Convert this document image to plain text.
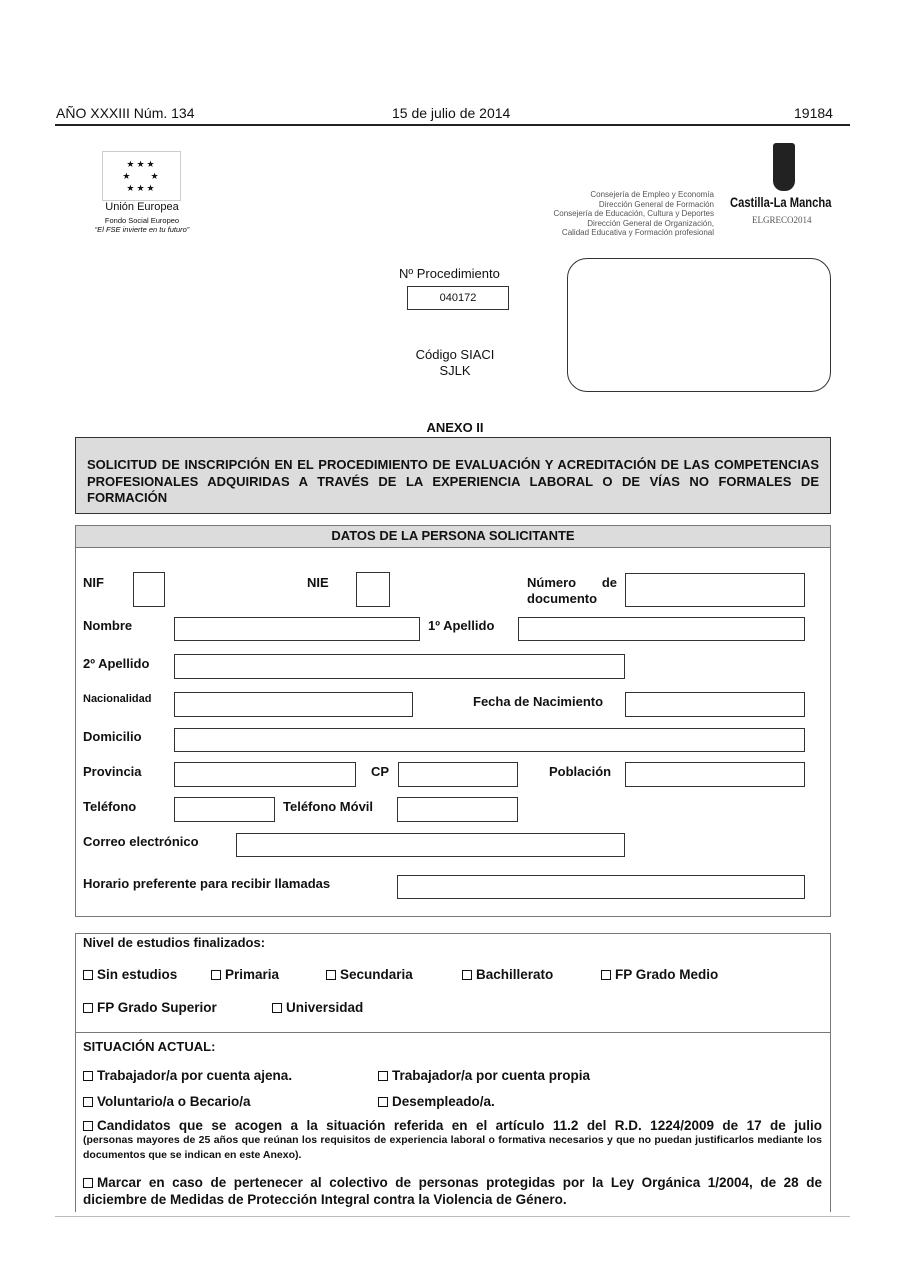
AÑO XXXIII Núm. 134	15 de julio de 2014	19184
★★★
★    ★
★★★
Unión Europea
Fondo Social Europeo
“El FSE invierte en tu futuro”
Consejería de Empleo y Economía
Dirección General de Formación
Consejería de Educación, Cultura y Deportes
Dirección General de Organización,
Calidad Educativa y Formación profesional
Castilla-La Mancha
ELGRECO2014
Nº Procedimiento
040172
Código SIACI
SJLK
ANEXO II
SOLICITUD DE INSCRIPCIÓN EN EL PROCEDIMIENTO DE EVALUACIÓN Y ACREDITACIÓN DE LAS COMPETENCIAS PROFESIONALES ADQUIRIDAS A TRAVÉS DE LA EXPERIENCIA LABORAL O DE VÍAS NO FORMALES DE FORMACIÓN
DATOS DE LA PERSONA SOLICITANTE
NIF	NIE	Número de documento
Nombre	1º Apellido
2º Apellido
Nacionalidad	Fecha de Nacimiento
Domicilio
Provincia	CP	Población
Teléfono	Teléfono Móvil
Correo electrónico
Horario preferente para recibir llamadas
Nivel de estudios finalizados:
Sin estudios	Primaria	Secundaria	Bachillerato	FP Grado Medio
FP Grado Superior	Universidad
SITUACIÓN ACTUAL:
Trabajador/a por cuenta ajena.	Trabajador/a por cuenta propia
Voluntario/a o Becario/a	Desempleado/a.
Candidatos que se acogen a la situación referida en el artículo 11.2 del R.D. 1224/2009 de 17 de julio
(personas mayores de 25 años que reúnan los requisitos de experiencia laboral o formativa necesarios y que no puedan justificarlos mediante los documentos que se indican en este Anexo).
Marcar en caso de pertenecer al colectivo de personas protegidas por la Ley Orgánica 1/2004, de 28 de diciembre de Medidas de Protección Integral contra la Violencia de Género.
